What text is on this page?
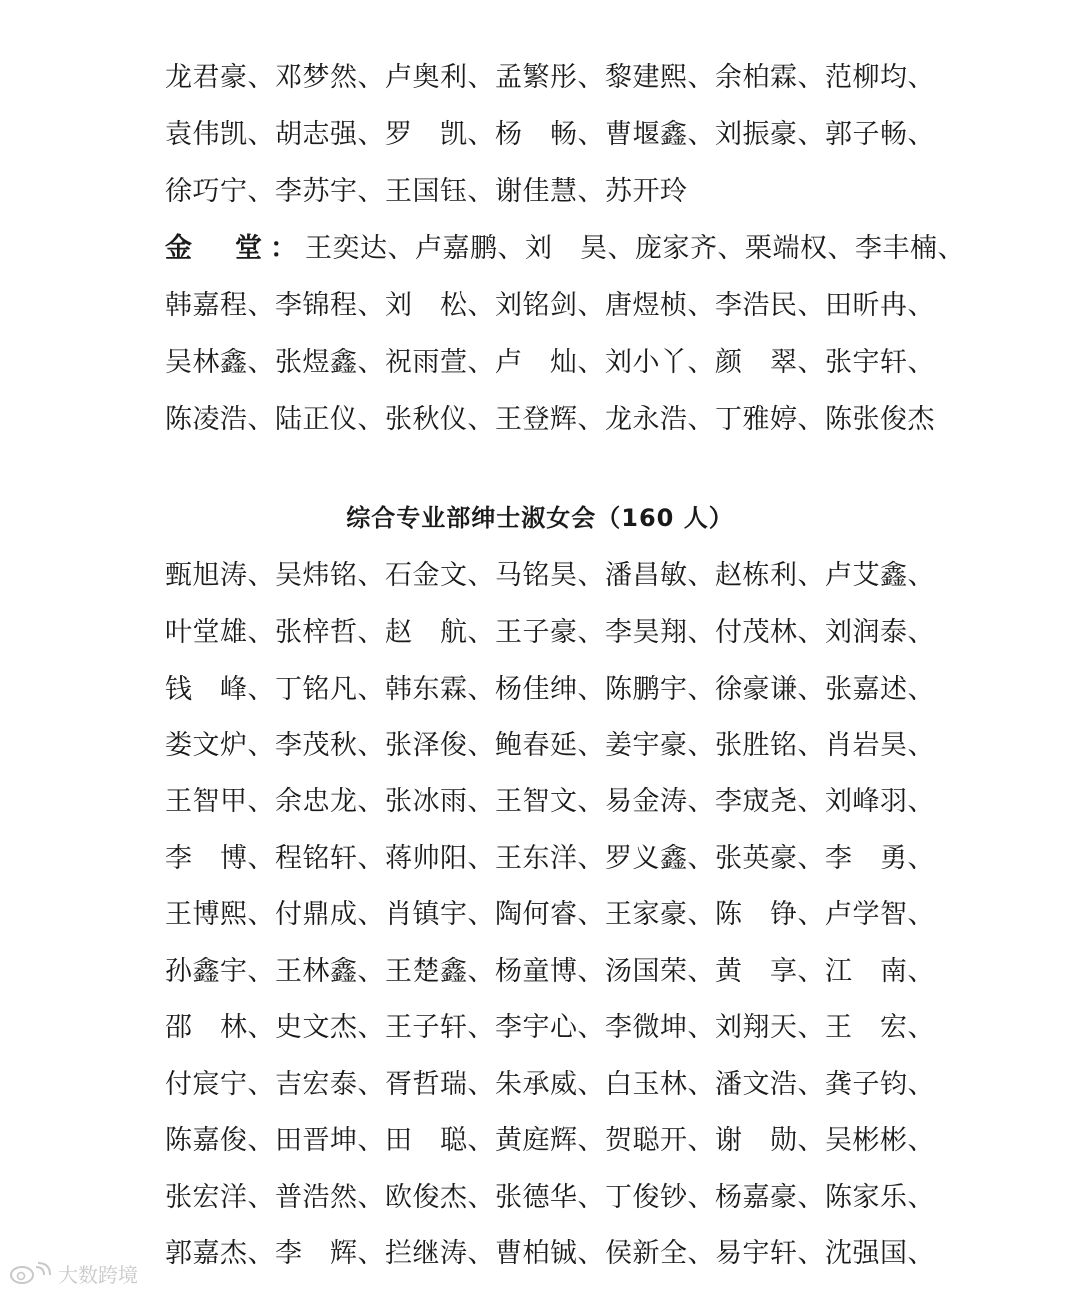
龙君豪、邓梦然、卢奥利、孟繁彤、黎建熙、余柏霖、范柳均、
袁伟凯、胡志强、罗　凯、杨　畅、曹堰鑫、刘振豪、郭子畅、
徐巧宁、李苏宇、王国钰、谢佳慧、苏开玲
金　堂：王奕达、卢嘉鹏、刘　昊、庞家齐、栗端权、李丰楠、
韩嘉程、李锦程、刘　松、刘铭剑、唐煜桢、李浩民、田昕冉、
吴林鑫、张煜鑫、祝雨萱、卢　灿、刘小丫、颜　翠、张宇轩、
陈凌浩、陆正仪、张秋仪、王登辉、龙永浩、丁雅婷、陈张俊杰
综合专业部绅士淑女会（160 人）
甄旭涛、吴炜铭、石金文、马铭昊、潘昌敏、赵栋利、卢艾鑫、
叶堂雄、张梓哲、赵　航、王子豪、李昊翔、付茂林、刘润泰、
钱　峰、丁铭凡、韩东霖、杨佳绅、陈鹏宇、徐豪谦、张嘉述、
娄文炉、李茂秋、张泽俊、鲍春延、姜宇豪、张胜铭、肖岩昊、
王智甲、余忠龙、张冰雨、王智文、易金涛、李宬尧、刘峰羽、
李　博、程铭轩、蒋帅阳、王东洋、罗义鑫、张英豪、李　勇、
王博熙、付鼎成、肖镇宇、陶何睿、王家豪、陈　铮、卢学智、
孙鑫宇、王林鑫、王楚鑫、杨童博、汤国荣、黄　享、江　南、
邵　林、史文杰、王子轩、李宇心、李微坤、刘翔天、王　宏、
付宸宁、吉宏泰、胥哲瑞、朱承威、白玉林、潘文浩、龚子钧、
陈嘉俊、田晋坤、田　聪、黄庭辉、贺聪开、谢　勋、吴彬彬、
张宏洋、普浩然、欧俊杰、张德华、丁俊钞、杨嘉豪、陈家乐、
郭嘉杰、李　辉、拦继涛、曹柏铖、侯新全、易宇轩、沈强国、
大数跨境
